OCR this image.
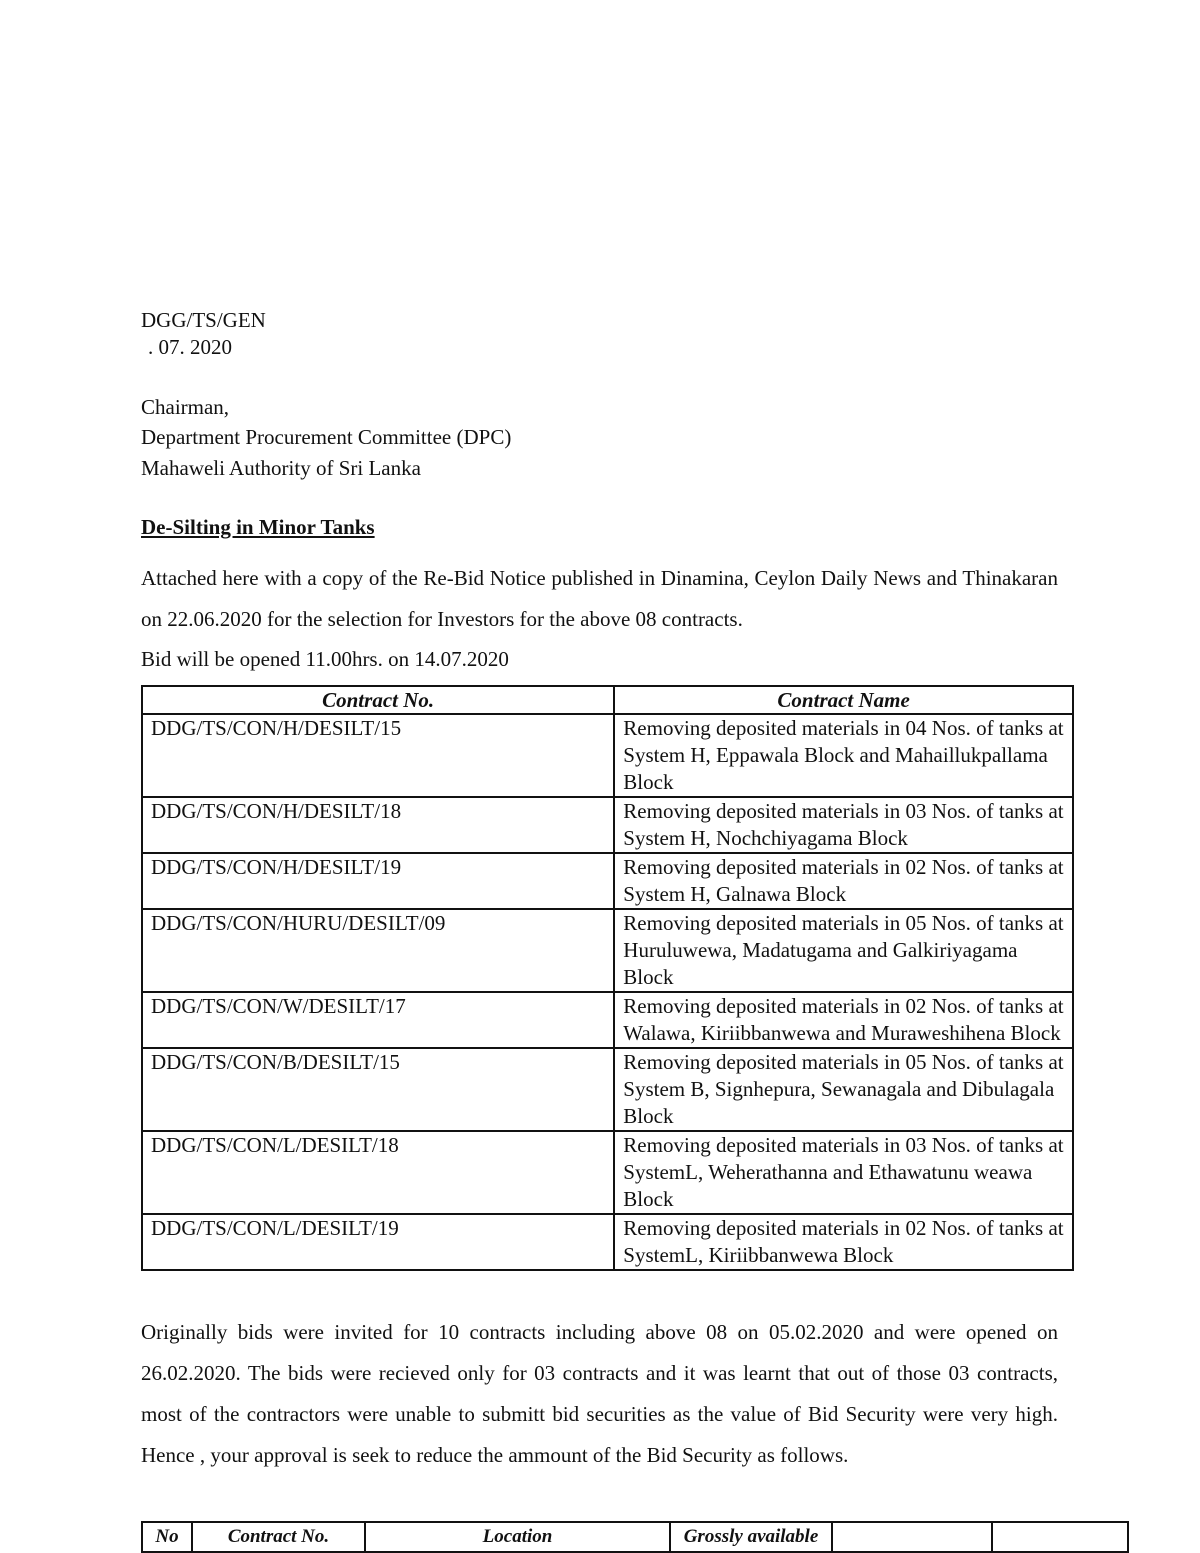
DGG/TS/GEN
. 07. 2020
Chairman,
Department Procurement Committee (DPC)
Mahaweli Authority of Sri Lanka
De-Silting in Minor Tanks
Attached here with a copy of the Re-Bid Notice published in Dinamina, Ceylon Daily News and Thinakaran on 22.06.2020 for the selection for Investors for the above 08 contracts.
Bid will be opened 11.00hrs. on 14.07.2020
Contract No.	Contract Name
DDG/TS/CON/H/DESILT/15	Removing deposited materials in 04 Nos. of tanks at System H, Eppawala Block and Mahaillukpallama Block
DDG/TS/CON/H/DESILT/18	Removing deposited materials in 03 Nos. of tanks at System H, Nochchiyagama Block
DDG/TS/CON/H/DESILT/19	Removing deposited materials in 02 Nos. of tanks at System H, Galnawa Block
DDG/TS/CON/HURU/DESILT/09	Removing deposited materials in 05 Nos. of tanks at Huruluwewa, Madatugama and Galkiriyagama Block
DDG/TS/CON/W/DESILT/17	Removing deposited materials in 02 Nos. of tanks at Walawa, Kiriibbanwewa and Muraweshihena Block
DDG/TS/CON/B/DESILT/15	Removing deposited materials in 05 Nos. of tanks at System B, Signhepura, Sewanagala and Dibulagala Block
DDG/TS/CON/L/DESILT/18	Removing deposited materials in 03 Nos. of tanks at SystemL, Weherathanna and Ethawatunu weawa Block
DDG/TS/CON/L/DESILT/19	Removing deposited materials in 02 Nos. of tanks at SystemL, Kiriibbanwewa Block
Originally bids were invited for 10 contracts including above 08 on 05.02.2020 and were opened on 26.02.2020. The bids were recieved only for 03 contracts and it was learnt that out of those 03 contracts, most of the contractors were unable to submitt bid securities as the value of Bid Security were very high. Hence , your approval is seek to reduce the ammount of the Bid Security as follows.
No	Contract No.	Location	Grossly available		
